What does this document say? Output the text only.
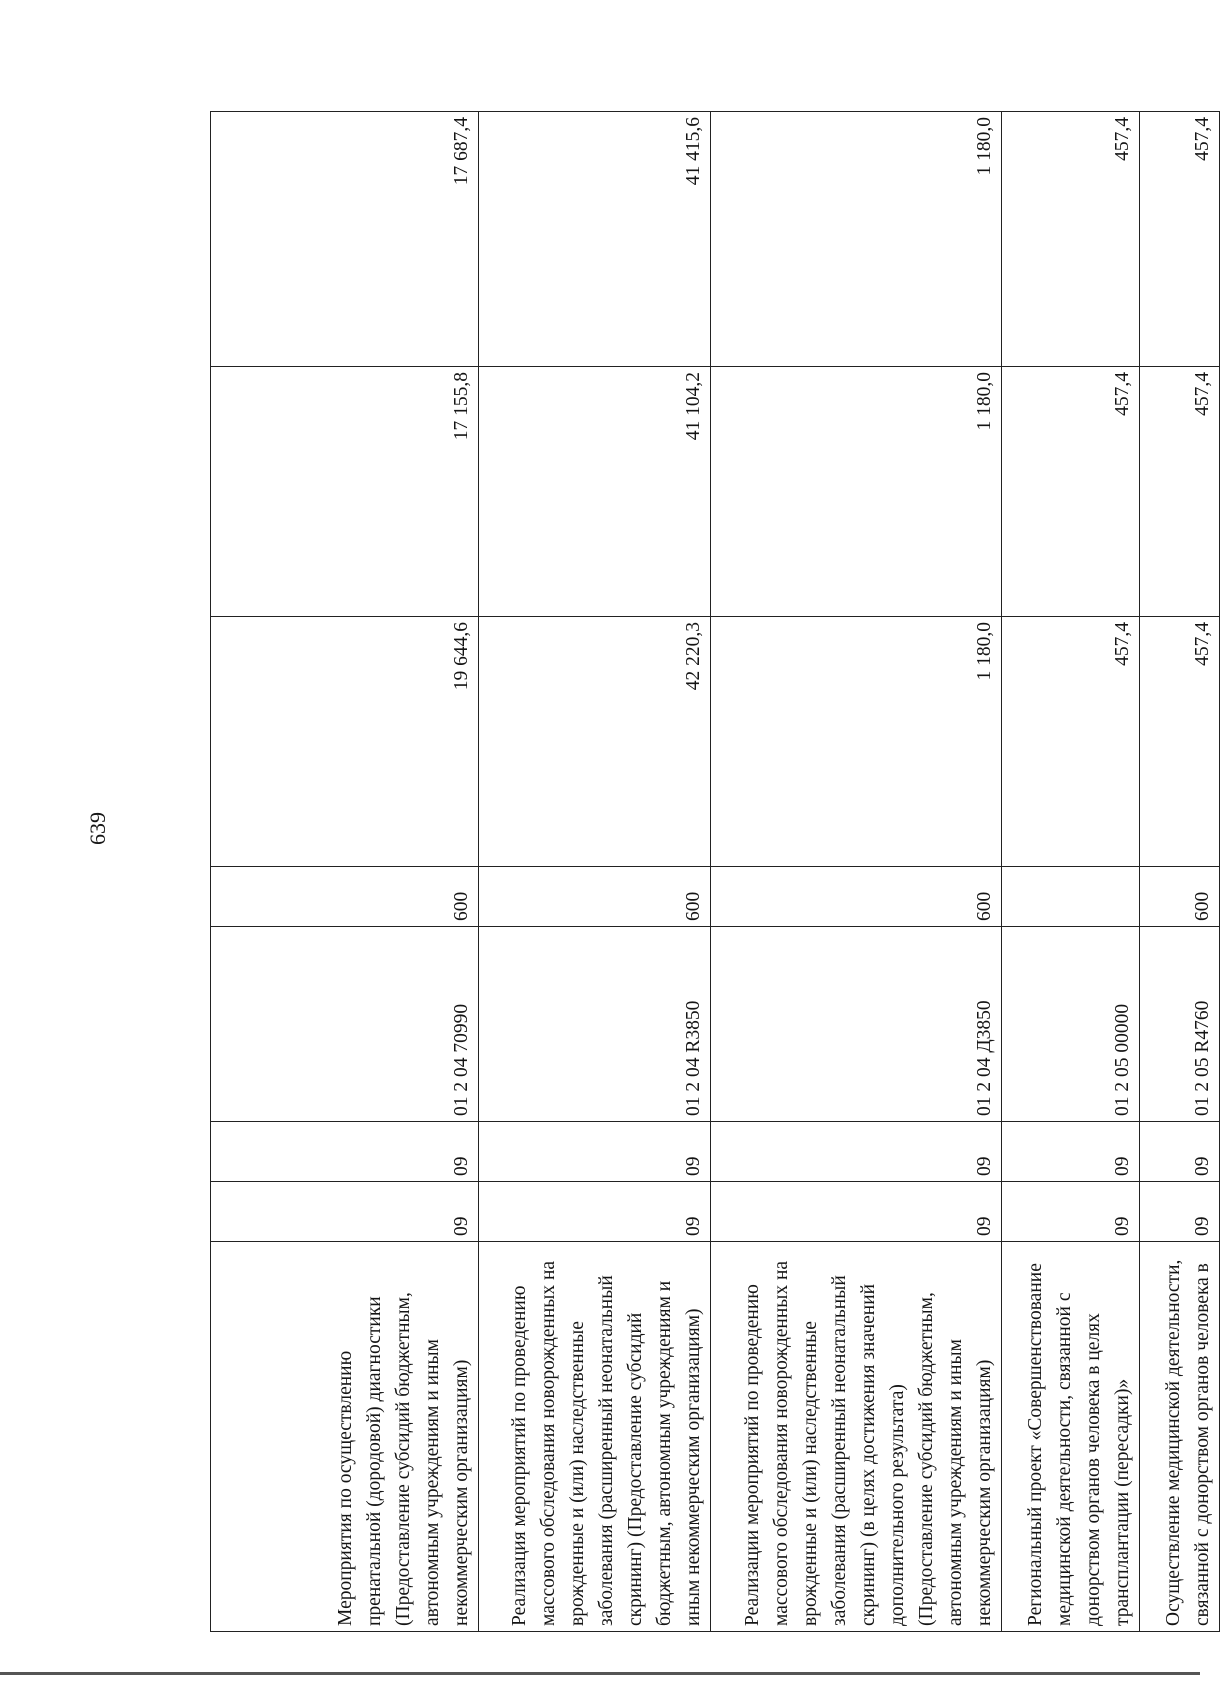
639
Мероприятия по осуществлению пренатальной (дородовой) диагностики (Предоставление субсидий бюджетным, автономным учреждениям и иным некоммерческим организациям)	09	09	01 2 04 70990	600	19 644,6	17 155,8	17 687,4
Реализация мероприятий по проведению массового обследования новорожденных на врожденные и (или) наследственные заболевания (расширенный неонатальный скрининг) (Предоставление субсидий бюджетным, автономным учреждениям и иным некоммерческим организациям)	09	09	01 2 04 R3850	600	42 220,3	41 104,2	41 415,6
Реализации мероприятий по проведению массового обследования новорожденных на врожденные и (или) наследственные заболевания (расширенный неонатальный скрининг) (в целях достижения значений дополнительного результата) (Предоставление субсидий бюджетным, автономным учреждениям и иным некоммерческим организациям)	09	09	01 2 04 Д3850	600	1 180,0	1 180,0	1 180,0
Региональный проект «Совершенствование медицинской деятельности, связанной с донорством органов человека в целях трансплантации (пересадки)»	09	09	01 2 05 00000		457,4	457,4	457,4
Осуществление медицинской деятельности, связанной с донорством органов человека в	09	09	01 2 05 R4760	600	457,4	457,4	457,4
